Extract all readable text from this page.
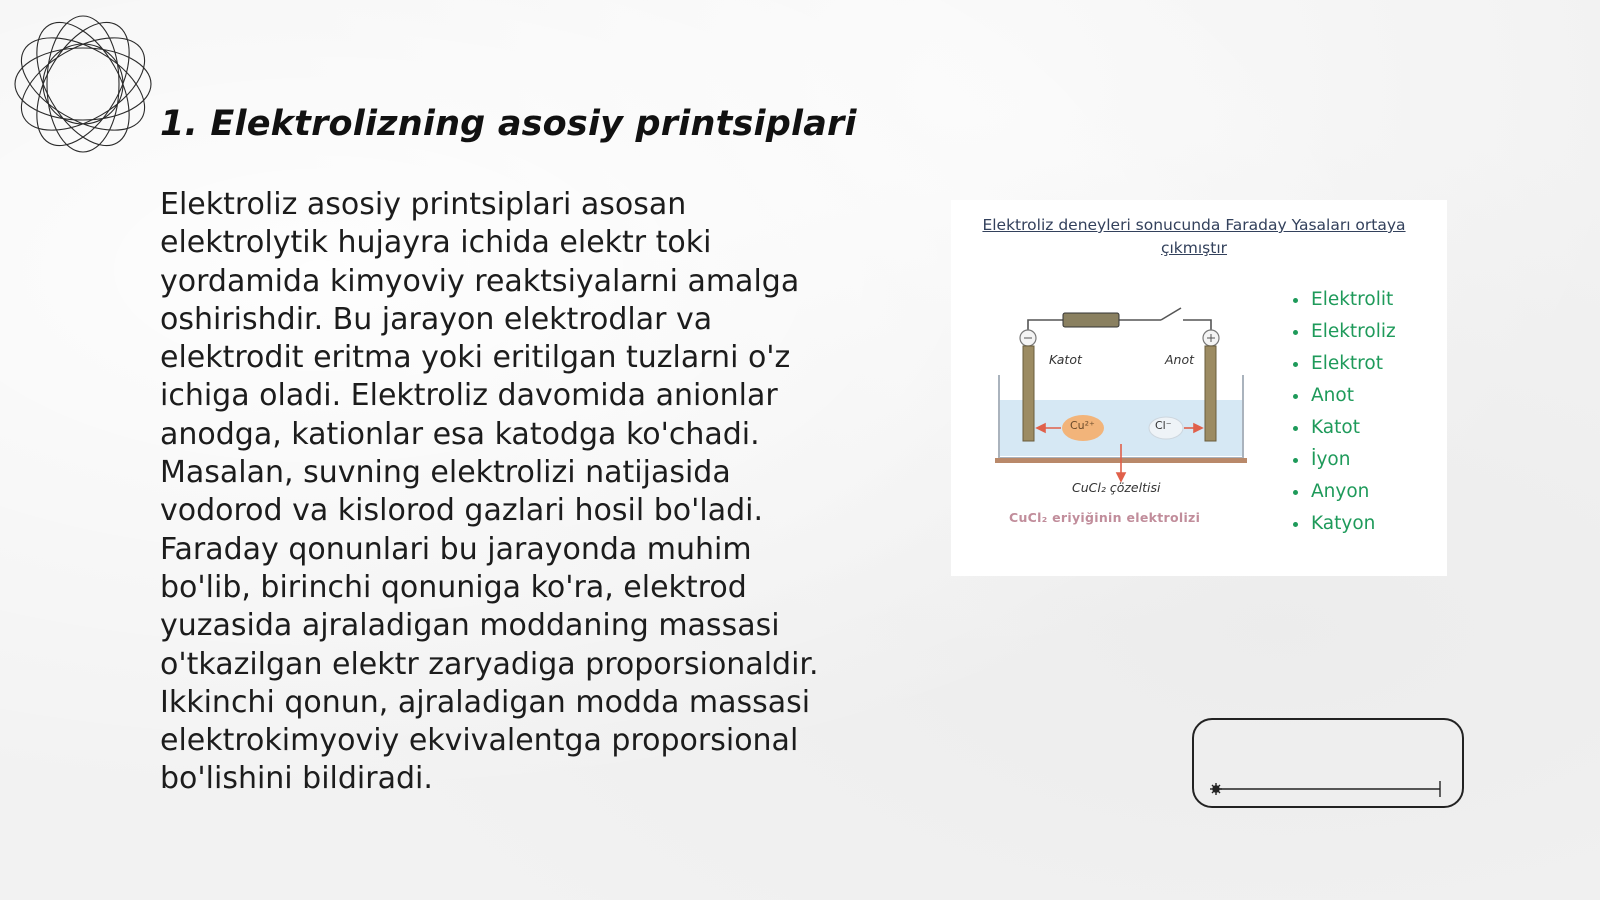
1. Elektrolizning asosiy printsiplari

Elektroliz asosiy printsiplari asosan elektrolytik hujayra ichida elektr toki yordamida kimyoviy reaktsiyalarni amalga oshirishdir. Bu jarayon elektrodlar va elektrodit eritma yoki eritilgan tuzlarni o'z ichiga oladi. Elektroliz davomida anionlar anodga, kationlar esa katodga ko'chadi. Masalan, suvning elektrolizi natijasida vodorod va kislorod gazlari hosil bo'ladi. Faraday qonunlari bu jarayonda muhim bo'lib, birinchi qonuniga ko'ra, elektrod yuzasida ajraladigan moddaning massasi o'tkazilgan elektr zaryadiga proporsionaldir. Ikkinchi qonun, ajraladigan modda massasi elektrokimyoviy ekvivalentga proporsional bo'lishini bildiradi.

Elektroliz deneyleri sonucunda Faraday Yasaları ortaya
çıkmıştır
Katot	Anot
Cu²⁺	Cl⁻
CuCl₂ çözeltisi
CuCl₂ eriyiğinin elektrolizi
Elektrolit
Elektroliz
Elektrot
Anot
Katot
İyon
Anyon
Katyon
